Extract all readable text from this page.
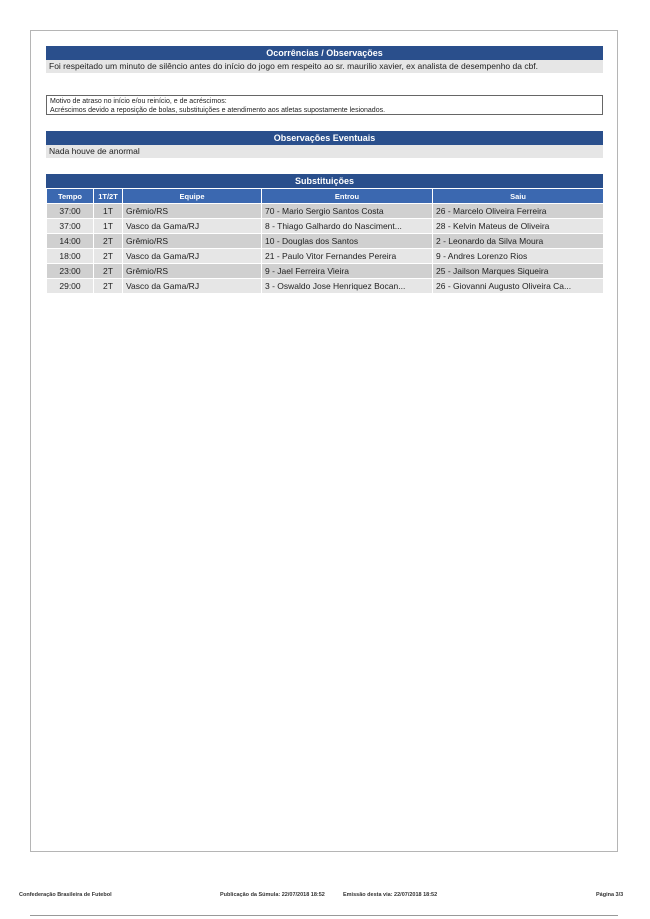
Ocorrências / Observações
Foi respeitado um minuto de silêncio antes do início do jogo em respeito ao sr. maurilio xavier, ex analista de desempenho da cbf.
Motivo de atraso no início e/ou reinício, e de acréscimos:
Acréscimos devido a reposição de bolas, substituições e atendimento aos atletas supostamente lesionados.
Observações Eventuais
Nada houve de anormal
Substituições
Tempo	1T/2T	Equipe	Entrou	Saiu
37:00	1T	Grêmio/RS	70 - Mario Sergio Santos Costa	26 - Marcelo Oliveira Ferreira
37:00	1T	Vasco da Gama/RJ	8 - Thiago Galhardo do Nasciment...	28 - Kelvin Mateus de Oliveira
14:00	2T	Grêmio/RS	10 - Douglas dos Santos	2 - Leonardo da Silva Moura
18:00	2T	Vasco da Gama/RJ	21 - Paulo Vitor Fernandes Pereira	9 - Andres Lorenzo Rios
23:00	2T	Grêmio/RS	9 - Jael Ferreira Vieira	25 - Jailson Marques Siqueira
29:00	2T	Vasco da Gama/RJ	3 - Oswaldo Jose Henriquez Bocan...	26 - Giovanni Augusto Oliveira Ca...
Confederação Brasileira de Futebol	Publicação da Súmula: 22/07/2018 18:52	Emissão desta via: 22/07/2018 18:52	Página 3/3
